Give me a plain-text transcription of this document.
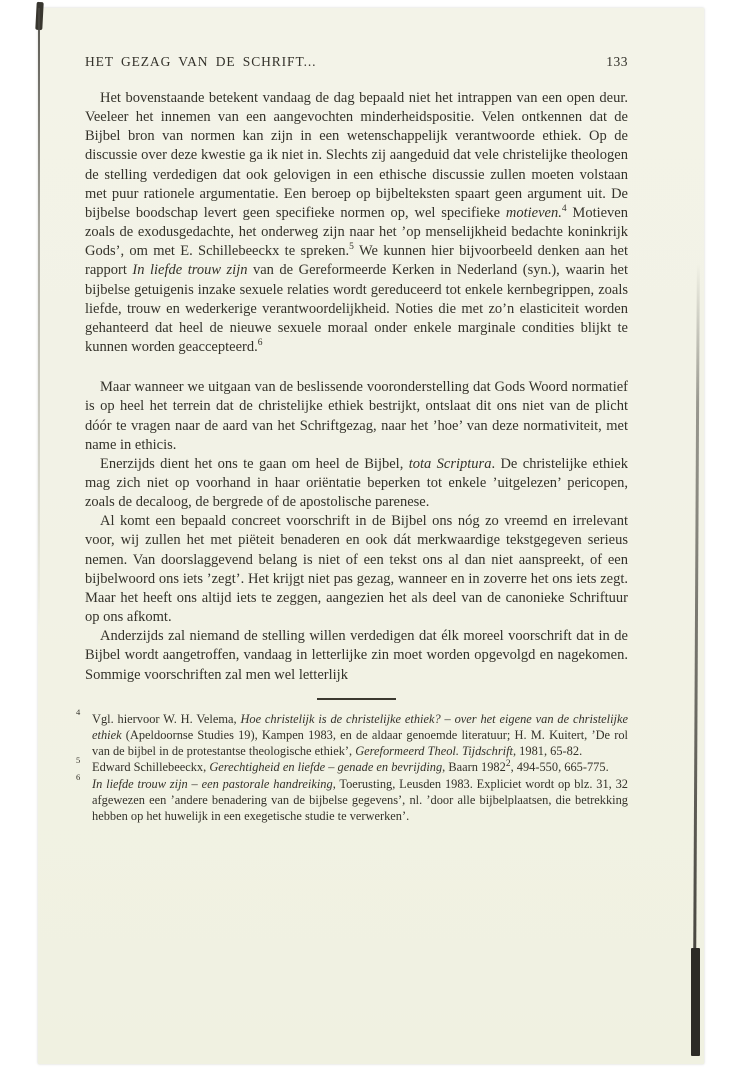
HET GEZAG VAN DE SCHRIFT...	133

Het bovenstaande betekent vandaag de dag bepaald niet het intrappen van een open deur. Veeleer het innemen van een aangevochten minderheidspositie. Velen ontkennen dat de Bijbel bron van normen kan zijn in een wetenschappelijk verantwoorde ethiek. Op de discussie over deze kwestie ga ik niet in. Slechts zij aangeduid dat vele christelijke theologen de stelling verdedigen dat ook gelovigen in een ethische discussie zullen moeten volstaan met puur rationele argumentatie. Een beroep op bijbelteksten spaart geen argument uit. De bijbelse boodschap levert geen specifieke normen op, wel specifieke motieven.$^4$ Motieven zoals de exodusgedachte, het onderweg zijn naar het ’op menselijkheid bedachte koninkrijk Gods’, om met E. Schillebeeckx te spreken.$^5$ We kunnen hier bijvoorbeeld denken aan het rapport In liefde trouw zijn van de Gereformeerde Kerken in Nederland (syn.), waarin het bijbelse getuigenis inzake sexuele relaties wordt gereduceerd tot enkele kernbegrippen, zoals liefde, trouw en wederkerige verantwoordelijkheid. Noties die met zo’n elasticiteit worden gehanteerd dat heel de nieuwe sexuele moraal onder enkele marginale condities blijkt te kunnen worden geaccepteerd.$^6$

Maar wanneer we uitgaan van de beslissende vooronderstelling dat Gods Woord normatief is op heel het terrein dat de christelijke ethiek bestrijkt, ontslaat dit ons niet van de plicht dóór te vragen naar de aard van het Schriftgezag, naar het ’hoe’ van deze normativiteit, met name in ethicis.

Enerzijds dient het ons te gaan om heel de Bijbel, tota Scriptura. De christelijke ethiek mag zich niet op voorhand in haar oriëntatie beperken tot enkele ’uitgelezen’ pericopen, zoals de decaloog, de bergrede of de apostolische parenese.

Al komt een bepaald concreet voorschrift in de Bijbel ons nóg zo vreemd en irrelevant voor, wij zullen het met piëteit benaderen en ook dát merkwaardige tekstgegeven serieus nemen. Van doorslaggevend belang is niet of een tekst ons al dan niet aanspreekt, of een bijbelwoord ons iets ’zegt’. Het krijgt niet pas gezag, wanneer en in zoverre het ons iets zegt. Maar het heeft ons altijd iets te zeggen, aangezien het als deel van de canonieke Schriftuur op ons afkomt.

Anderzijds zal niemand de stelling willen verdedigen dat élk moreel voorschrift dat in de Bijbel wordt aangetroffen, vandaag in letterlijke zin moet worden opgevolgd en nagekomen. Sommige voorschriften zal men wel letterlijk

4 Vgl. hiervoor W. H. Velema, Hoe christelijk is de christelijke ethiek? – over het eigene van de christelijke ethiek (Apeldoornse Studies 19), Kampen 1983, en de aldaar genoemde literatuur; H. M. Kuitert, ’De rol van de bijbel in de protestantse theologische ethiek’, Gereformeerd Theol. Tijdschrift, 1981, 65-82.
5 Edward Schillebeeckx, Gerechtigheid en liefde – genade en bevrijding, Baarn 1982$^2$, 494-550, 665-775.
6 In liefde trouw zijn – een pastorale handreiking, Toerusting, Leusden 1983. Expliciet wordt op blz. 31, 32 afgewezen een ’andere benadering van de bijbelse gegevens’, nl. ’door alle bijbelplaatsen, die betrekking hebben op het huwelijk in een exegetische studie te verwerken’.
